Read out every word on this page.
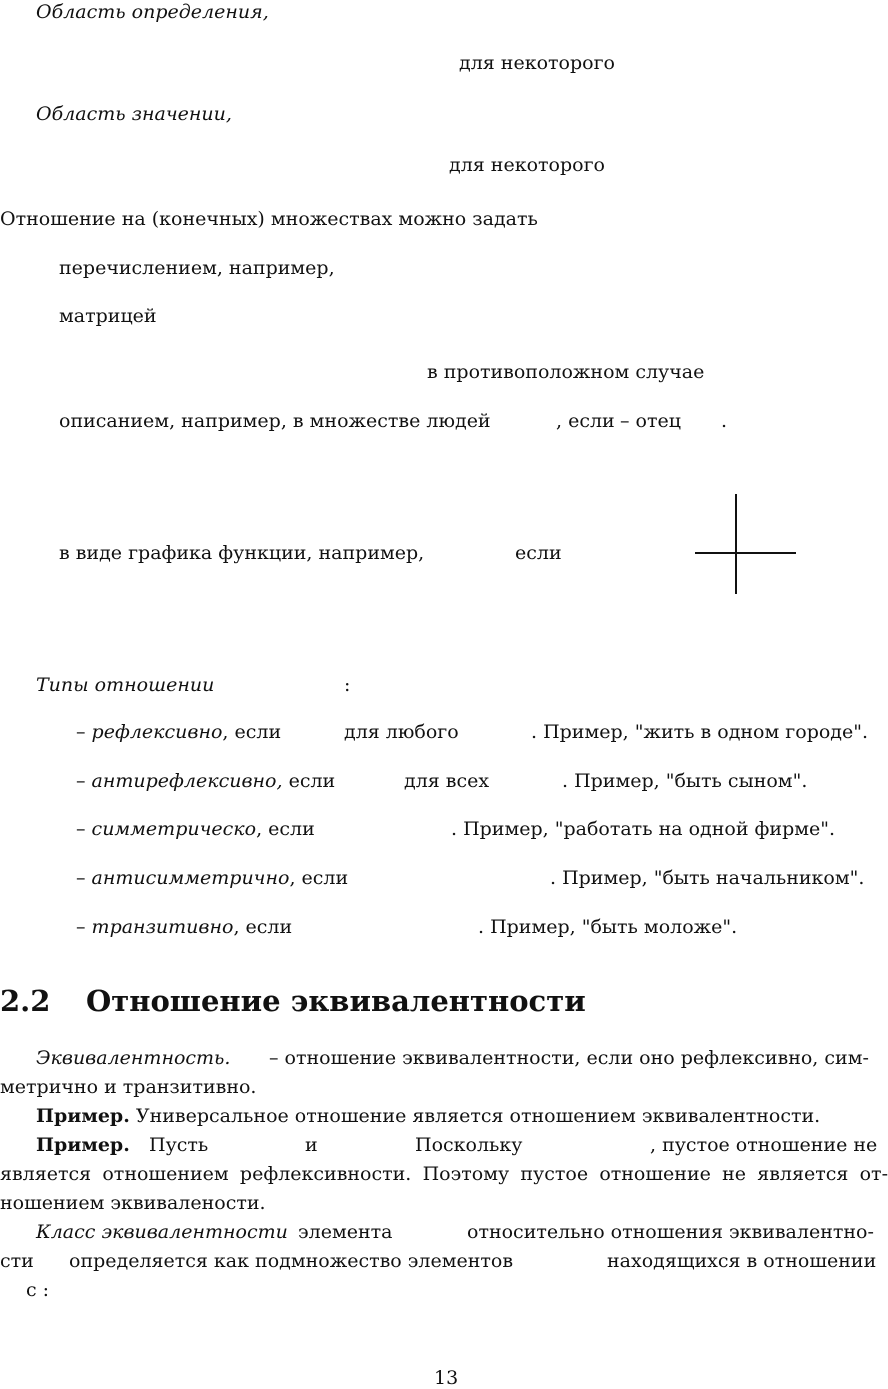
Область определения,
для некоторого
Область значении,
для некоторого
Отношение на (конечных) множествах можно задать
перечислением, например,
матрицей
в противоположном случае
описанием, например, в множестве людей	, если – отец .
в виде графика функции, например,	если
Типы отношении	:
– рефлексивно, если	для любого	. Пример, "жить в одном городе".
– антирефлексивно, если	для всех	. Пример, "быть сыном".
– симметрическо, если	. Пример, "работать на одной фирме".
– антисимметрично, если	. Пример, "быть начальником".
– транзитивно, если	. Пример, "быть моложе".
2.2 Отношение эквивалентности
Эквивалентность. – отношение эквивалентности, если оно рефлексивно, сим-
метрично и транзитивно.
Пример. Универсальное отношение является отношением эквивалентности.
Пример. Пусть	и	Поскольку	, пустое отношение не
является отношением рефлексивности. Поэтому пустое отношение не является от-
ношением эквиваленоcти.
Класс эквивалентности элемента	относительно отношения эквивалентно-
сти определяется как подмножество элементов	находящихся в отношении
с :
13
